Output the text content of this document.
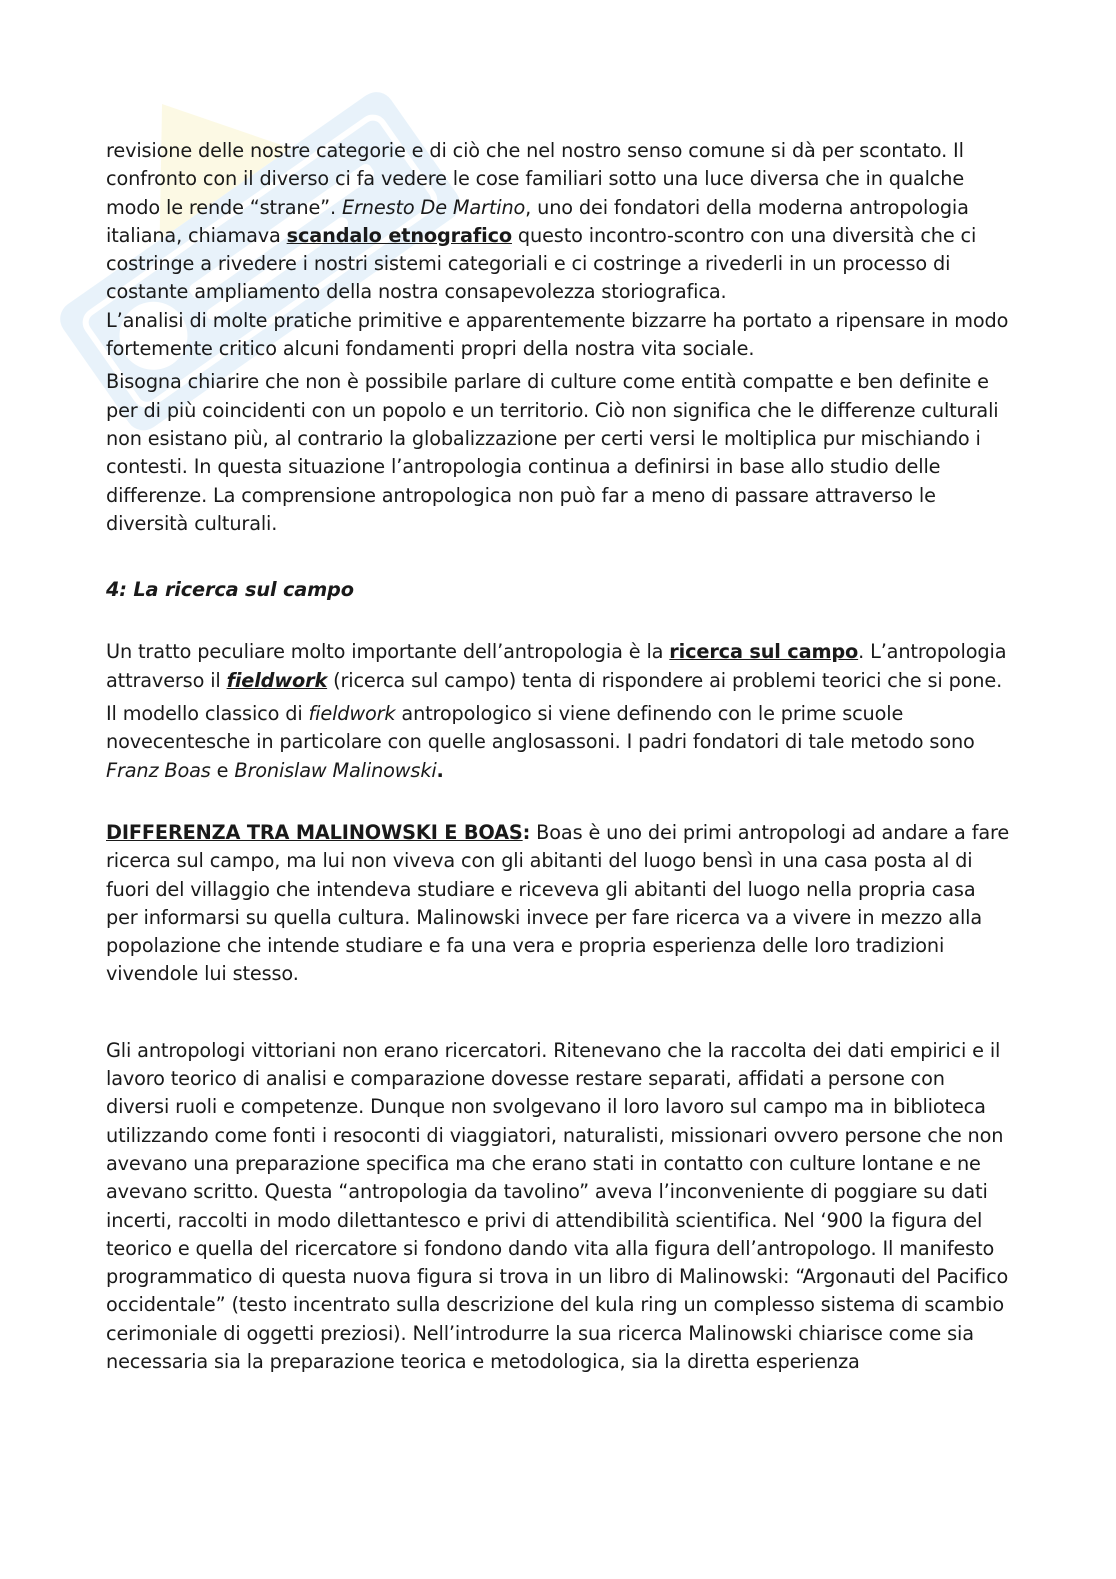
revisione delle nostre categorie e di ciò che nel nostro senso comune si dà per scontato. Il confronto con il diverso ci fa vedere le cose familiari sotto una luce diversa che in qualche modo le rende “strane”. Ernesto De Martino, uno dei fondatori della moderna antropologia italiana, chiamava scandalo etnografico questo incontro-scontro con una diversità che ci costringe a rivedere i nostri sistemi categoriali e ci costringe a rivederli in un processo di costante ampliamento della nostra consapevolezza storiografica.

L’analisi di molte pratiche primitive e apparentemente bizzarre ha portato a ripensare in modo fortemente critico alcuni fondamenti propri della nostra vita sociale.

Bisogna chiarire che non è possibile parlare di culture come entità compatte e ben definite e per di più coincidenti con un popolo e un territorio. Ciò non significa che le differenze culturali non esistano più, al contrario la globalizzazione per certi versi le moltiplica pur mischiando i contesti. In questa situazione l’antropologia continua a definirsi in base allo studio delle differenze. La comprensione antropologica non può far a meno di passare attraverso le diversità culturali.

4: La ricerca sul campo

Un tratto peculiare molto importante dell’antropologia è la ricerca sul campo. L’antropologia attraverso il fieldwork (ricerca sul campo) tenta di rispondere ai problemi teorici che si pone.

Il modello classico di fieldwork antropologico si viene definendo con le prime scuole novecentesche in particolare con quelle anglosassoni. I padri fondatori di tale metodo sono Franz Boas e Bronislaw Malinowski.

DIFFERENZA TRA MALINOWSKI E BOAS: Boas è uno dei primi antropologi ad andare a fare ricerca sul campo, ma lui non viveva con gli abitanti del luogo bensì in una casa posta al di fuori del villaggio che intendeva studiare e riceveva gli abitanti del luogo nella propria casa per informarsi su quella cultura. Malinowski invece per fare ricerca va a vivere in mezzo alla popolazione che intende studiare e fa una vera e propria esperienza delle loro tradizioni vivendole lui stesso.

Gli antropologi vittoriani non erano ricercatori. Ritenevano che la raccolta dei dati empirici e il lavoro teorico di analisi e comparazione dovesse restare separati, affidati a persone con diversi ruoli e competenze. Dunque non svolgevano il loro lavoro sul campo ma in biblioteca utilizzando come fonti i resoconti di viaggiatori, naturalisti, missionari ovvero persone che non avevano una preparazione specifica ma che erano stati in contatto con culture lontane e ne avevano scritto. Questa “antropologia da tavolino” aveva l’inconveniente di poggiare su dati incerti, raccolti in modo dilettantesco e privi di attendibilità scientifica. Nel ‘900 la figura del teorico e quella del ricercatore si fondono dando vita alla figura dell’antropologo. Il manifesto programmatico di questa nuova figura si trova in un libro di Malinowski: “Argonauti del Pacifico occidentale” (testo incentrato sulla descrizione del kula ring un complesso sistema di scambio cerimoniale di oggetti preziosi). Nell’introdurre la sua ricerca Malinowski chiarisce come sia necessaria sia la preparazione teorica e metodologica, sia la diretta esperienza
